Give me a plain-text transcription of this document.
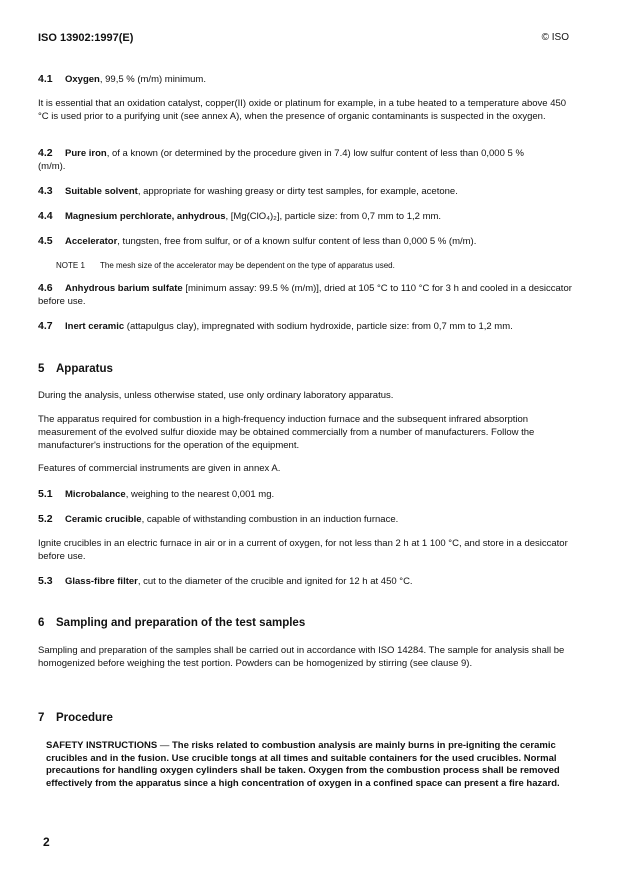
ISO 13902:1997(E)	© ISO
4.1 Oxygen, 99,5 % (m/m) minimum.
It is essential that an oxidation catalyst, copper(II) oxide or platinum for example, in a tube heated to a temperature above 450 °C is used prior to a purifying unit (see annex A), when the presence of organic contaminants is suspected in the oxygen.
4.2 Pure iron, of a known (or determined by the procedure given in 7.4) low sulfur content of less than 0,000 5 % (m/m).
4.3 Suitable solvent, appropriate for washing greasy or dirty test samples, for example, acetone.
4.4 Magnesium perchlorate, anhydrous, [Mg(ClO₄)₂], particle size: from 0,7 mm to 1,2 mm.
4.5 Accelerator, tungsten, free from sulfur, or of a known sulfur content of less than 0,000 5 % (m/m).
NOTE 1 The mesh size of the accelerator may be dependent on the type of apparatus used.
4.6 Anhydrous barium sulfate [minimum assay: 99.5 % (m/m)], dried at 105 °C to 110 °C for 3 h and cooled in a desiccator before use.
4.7 Inert ceramic (attapulgus clay), impregnated with sodium hydroxide, particle size: from 0,7 mm to 1,2 mm.
5 Apparatus
During the analysis, unless otherwise stated, use only ordinary laboratory apparatus.
The apparatus required for combustion in a high-frequency induction furnace and the subsequent infrared absorption measurement of the evolved sulfur dioxide may be obtained commercially from a number of manufacturers. Follow the manufacturer's instructions for the operation of the equipment.
Features of commercial instruments are given in annex A.
5.1 Microbalance, weighing to the nearest 0,001 mg.
5.2 Ceramic crucible, capable of withstanding combustion in an induction furnace.
Ignite crucibles in an electric furnace in air or in a current of oxygen, for not less than 2 h at 1 100 °C, and store in a desiccator before use.
5.3 Glass-fibre filter, cut to the diameter of the crucible and ignited for 12 h at 450 °C.
6 Sampling and preparation of the test samples
Sampling and preparation of the samples shall be carried out in accordance with ISO 14284. The sample for analysis shall be homogenized before weighing the test portion. Powders can be homogenized by stirring (see clause 9).
7 Procedure
SAFETY INSTRUCTIONS — The risks related to combustion analysis are mainly burns in pre-igniting the ceramic crucibles and in the fusion. Use crucible tongs at all times and suitable containers for the used crucibles. Normal precautions for handling oxygen cylinders shall be taken. Oxygen from the combustion process shall be removed effectively from the apparatus since a high concentration of oxygen in a confined space can present a fire hazard.
2
